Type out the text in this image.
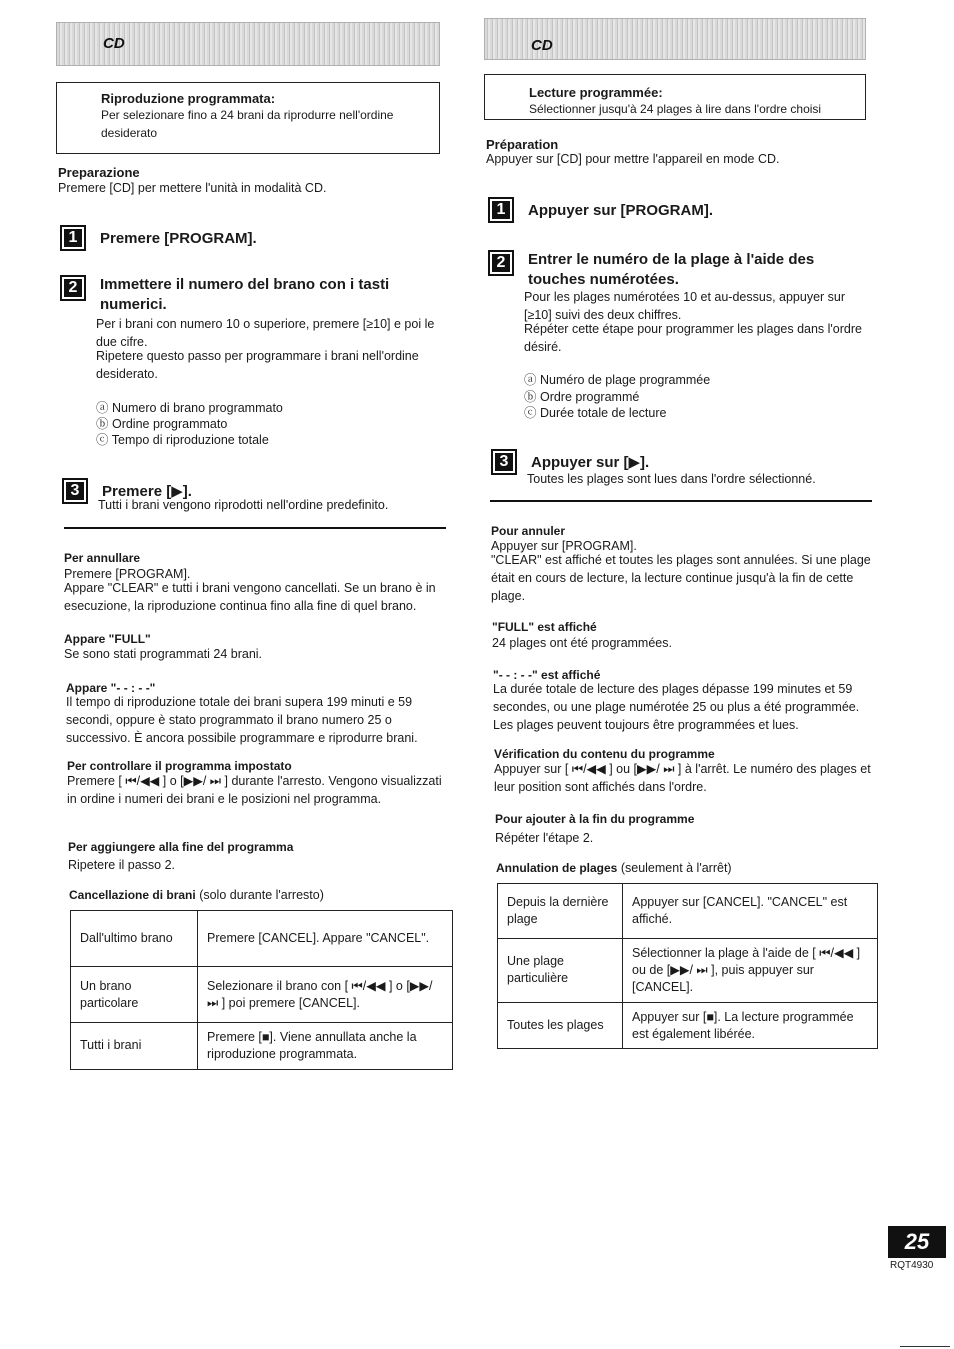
CD
Riproduzione programmata:
Per selezionare fino a 24 brani da riprodurre nell'ordine desiderato
Preparazione
Premere [CD] per mettere l'unità in modalità CD.
1	Premere [PROGRAM].
2	Immettere il numero del brano con i tasti numerici.
Per i brani con numero 10 o superiore, premere [≥10] e poi le due cifre.
Ripetere questo passo per programmare i brani nell'ordine desiderato.
ⓐ Numero di brano programmato
ⓑ Ordine programmato
ⓒ Tempo di riproduzione totale
3	Premere [▶].
Tutti i brani vengono riprodotti nell'ordine predefinito.
Per annullare
Premere [PROGRAM].
Appare "CLEAR" e tutti i brani vengono cancellati. Se un brano è in esecuzione, la riproduzione continua fino alla fine di quel brano.
Appare "FULL"
Se sono stati programmati 24 brani.
Appare "- - : - -"
Il tempo di riproduzione totale dei brani supera 199 minuti e 59 secondi, oppure è stato programmato il brano numero 25 o successivo. È ancora possibile programmare e riprodurre brani.
Per controllare il programma impostato
Premere [ ⏮/◀◀ ] o [▶▶/ ⏭ ] durante l'arresto. Vengono visualizzati in ordine i numeri dei brani e le posizioni nel programma.
Per aggiungere alla fine del programma
Ripetere il passo 2.
Cancellazione di brani (solo durante l'arresto)
Dall'ultimo brano	Premere [CANCEL]. Appare "CANCEL".
Un brano particolare	Selezionare il brano con [ ⏮/◀◀ ] o [▶▶/ ⏭ ] poi premere [CANCEL].
Tutti i brani	Premere [■]. Viene annullata anche la riproduzione programmata.
CD
Lecture programmée:
Sélectionner jusqu'à 24 plages à lire dans l'ordre choisi
Préparation
Appuyer sur [CD] pour mettre l'appareil en mode CD.
1	Appuyer sur [PROGRAM].
2	Entrer le numéro de la plage à l'aide des touches numérotées.
Pour les plages numérotées 10 et au-dessus, appuyer sur [≥10] suivi des deux chiffres.
Répéter cette étape pour programmer les plages dans l'ordre désiré.
ⓐ Numéro de plage programmée
ⓑ Ordre programmé
ⓒ Durée totale de lecture
3	Appuyer sur [▶].
Toutes les plages sont lues dans l'ordre sélectionné.
Pour annuler
Appuyer sur [PROGRAM].
"CLEAR" est affiché et toutes les plages sont annulées. Si une plage était en cours de lecture, la lecture continue jusqu'à la fin de cette plage.
"FULL" est affiché
24 plages ont été programmées.
"- - : - -" est affiché
La durée totale de lecture des plages dépasse 199 minutes et 59 secondes, ou une plage numérotée 25 ou plus a été programmée. Les plages peuvent toujours être programmées et lues.
Vérification du contenu du programme
Appuyer sur [ ⏮/◀◀ ] ou [▶▶/ ⏭ ] à l'arrêt. Le numéro des plages et leur position sont affichés dans l'ordre.
Pour ajouter à la fin du programme
Répéter l'étape 2.
Annulation de plages (seulement à l'arrêt)
Depuis la dernière plage	Appuyer sur [CANCEL]. "CANCEL" est affiché.
Une plage particulière	Sélectionner la plage à l'aide de [ ⏮/◀◀ ] ou de [▶▶/ ⏭ ], puis appuyer sur [CANCEL].
Toutes les plages	Appuyer sur [■]. La lecture programmée est également libérée.
25
RQT4930
